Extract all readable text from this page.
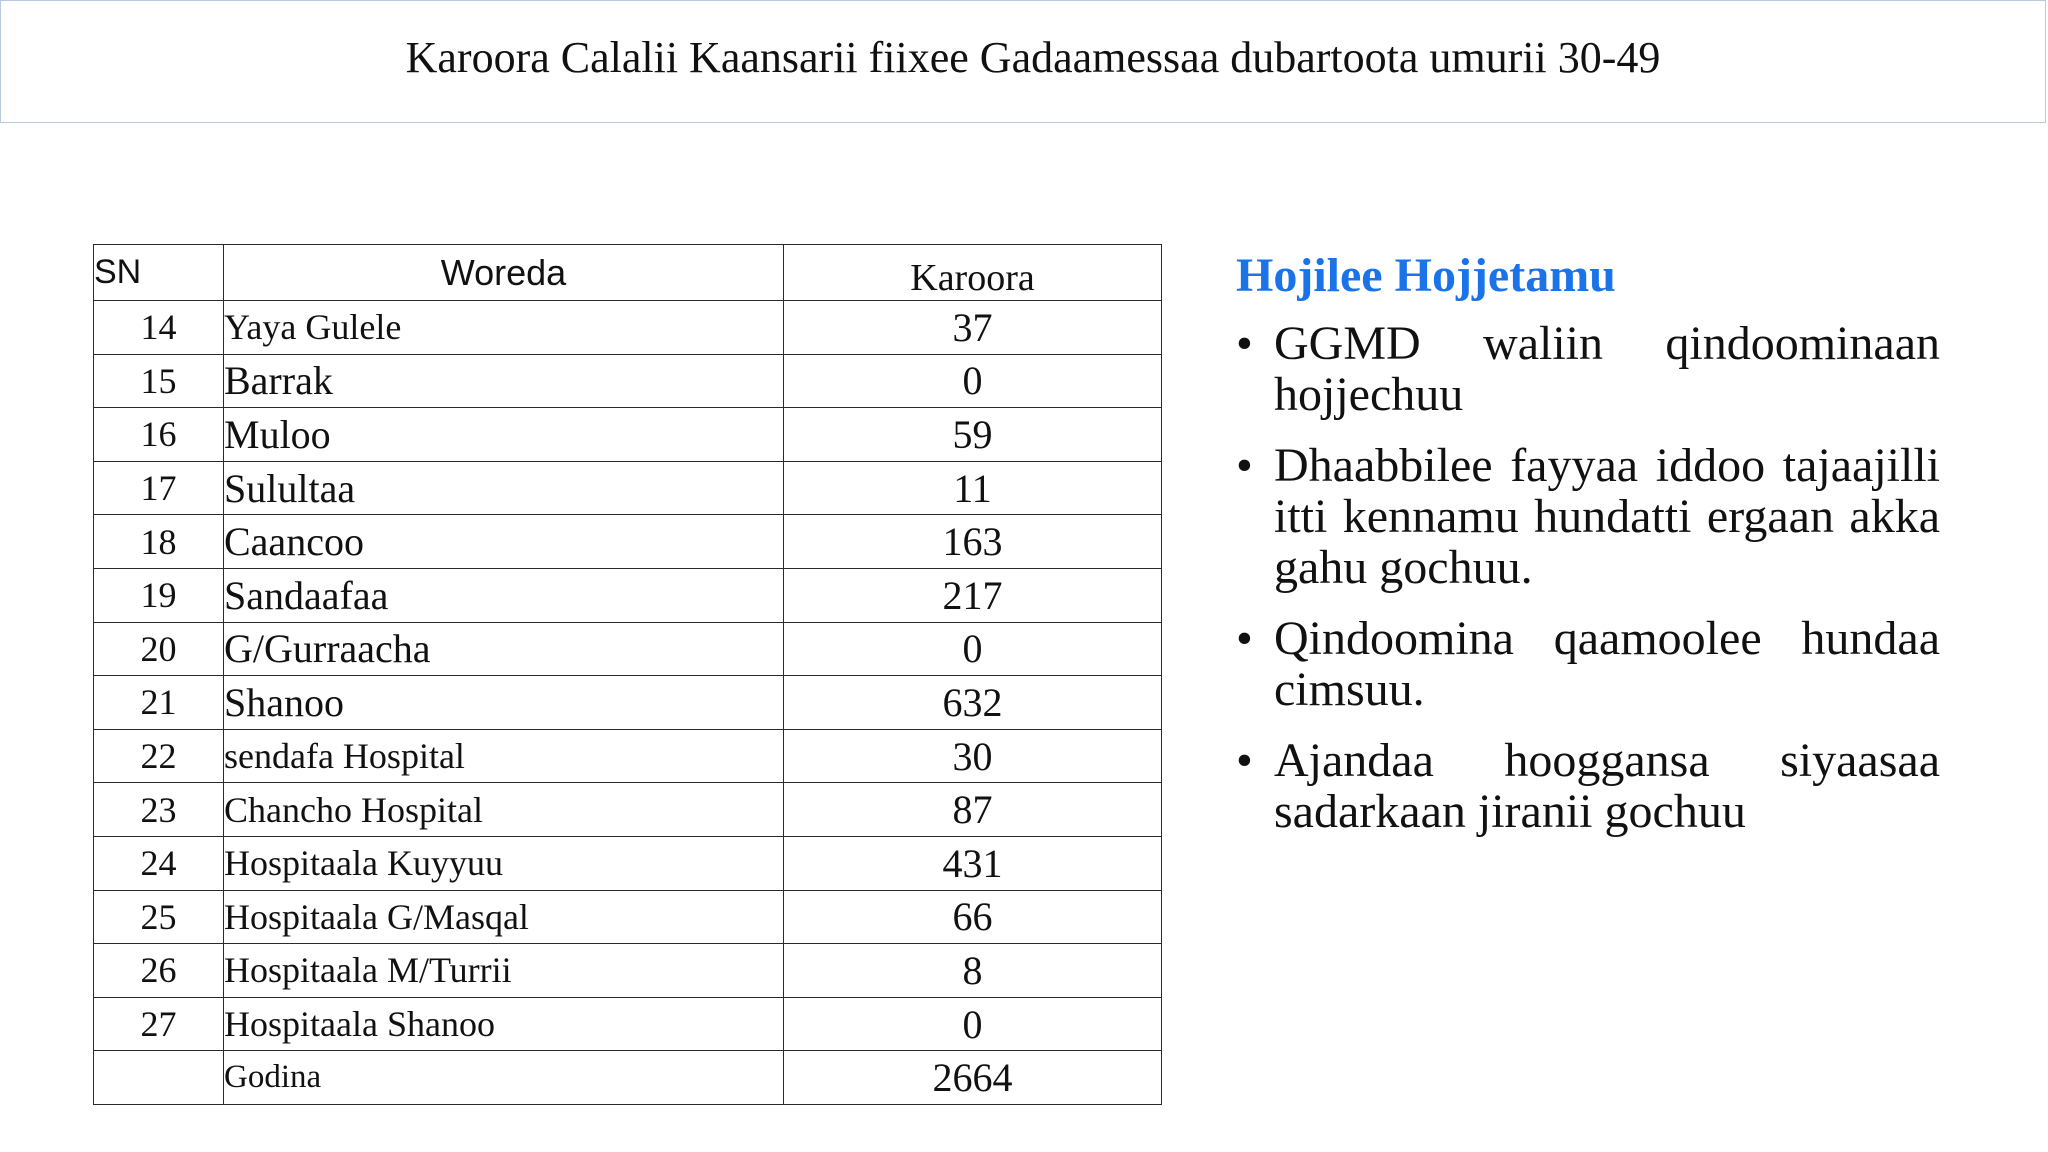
Karoora Calalii Kaansarii fiixee Gadaamessaa dubartoota umurii 30-49
SN	Woreda	Karoora
14	Yaya Gulele	37
15	Barrak	0
16	Muloo	59
17	Sulultaa	11
18	Caancoo	163
19	Sandaafaa	217
20	G/Gurraacha	0
21	Shanoo	632
22	sendafa Hospital	30
23	Chancho Hospital	87
24	Hospitaala Kuyyuu	431
25	Hospitaala G/Masqal	66
26	Hospitaala M/Turrii	8
27	Hospitaala Shanoo	0
	Godina	2664
Hojilee Hojjetamu
• GGMD waliin qindoominaan hojjechuu
• Dhaabbilee fayyaa iddoo tajaajilli itti kennamu hundatti ergaan akka gahu gochuu.
• Qindoomina qaamoolee hundaa cimsuu.
• Ajandaa hooggansa siyaasaa sadarkaan jiranii gochuu
